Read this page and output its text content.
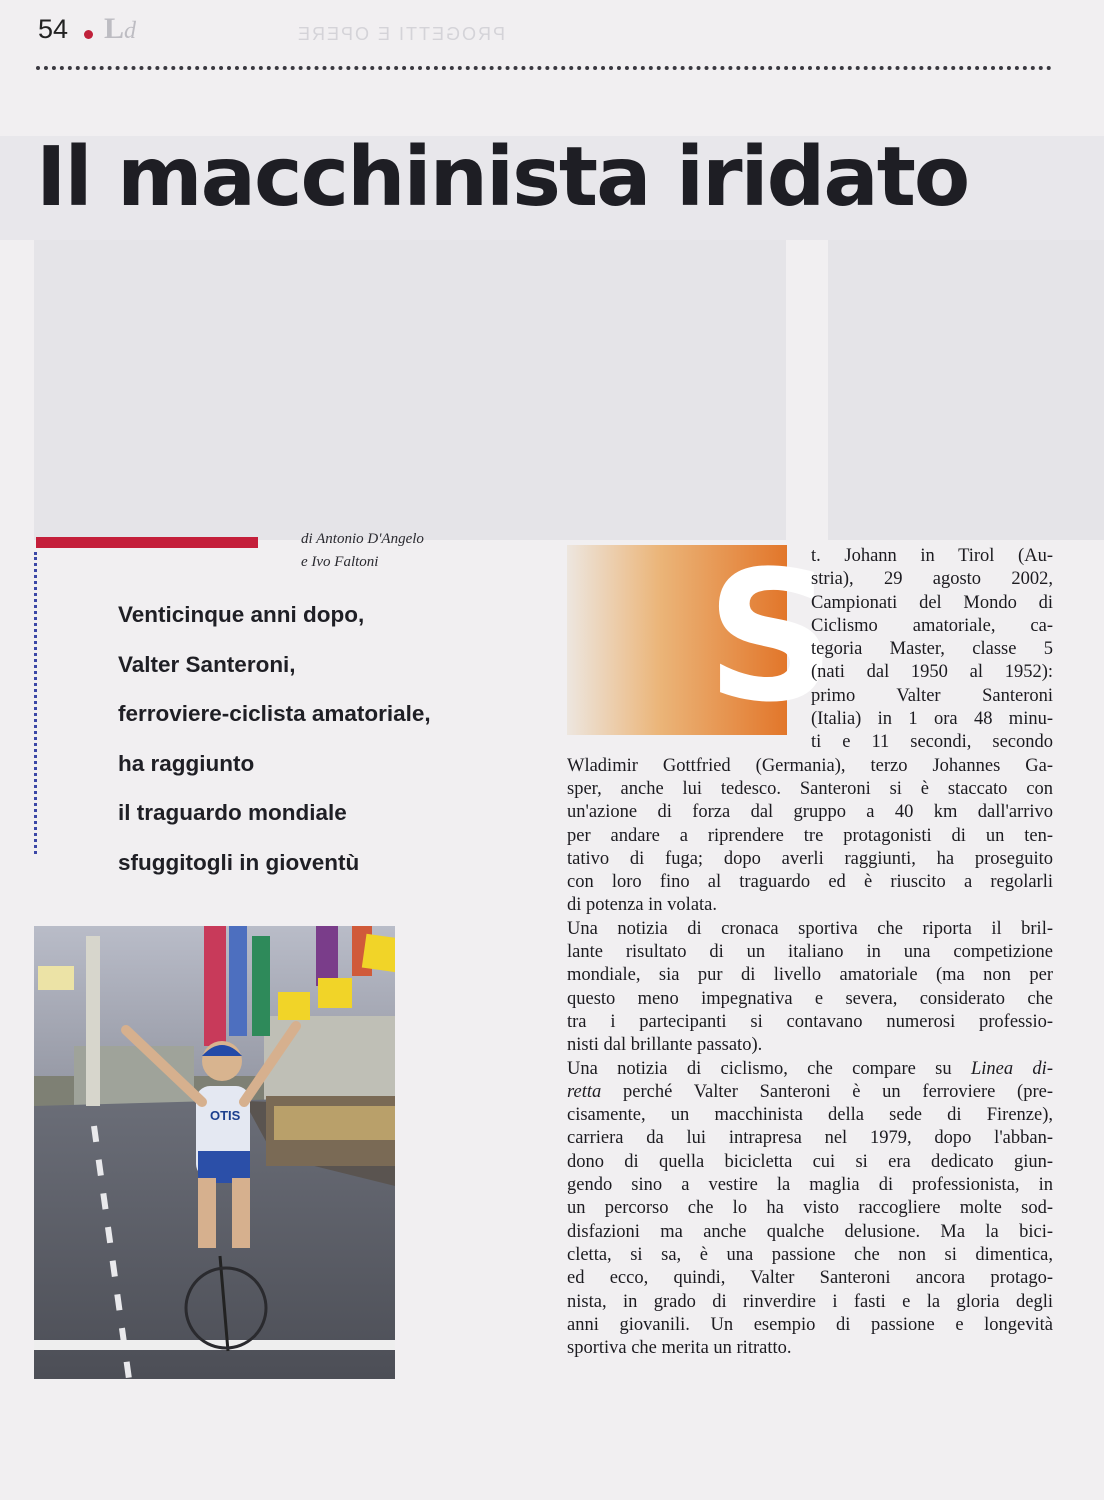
54 Ld	PROGETTI E OPERE
Il macchinista iridato
di Antonio D'Angelo
e Ivo Faltoni
Venticinque anni dopo,
Valter Santeroni,
ferroviere-ciclista amatoriale,
ha raggiunto
il traguardo mondiale
sfuggitogli in gioventù
OTIS
S
t. Johann in Tirol (Au-
stria), 29 agosto 2002,
Campionati del Mondo di
Ciclismo amatoriale, ca-
tegoria Master, classe 5
(nati dal 1950 al 1952):
primo Valter Santeroni
(Italia) in 1 ora 48 minu-
ti e 11 secondi, secondo
Wladimir Gottfried (Germania), terzo Johannes Ga-
sper, anche lui tedesco. Santeroni si è staccato con
un'azione di forza dal gruppo a 40 km dall'arrivo
per andare a riprendere tre protagonisti di un ten-
tativo di fuga; dopo averli raggiunti, ha proseguito
con loro fino al traguardo ed è riuscito a regolarli
di potenza in volata.
Una notizia di cronaca sportiva che riporta il bril-
lante risultato di un italiano in una competizione
mondiale, sia pur di livello amatoriale (ma non per
questo meno impegnativa e severa, considerato che
tra i partecipanti si contavano numerosi professio-
nisti dal brillante passato).
Una notizia di ciclismo, che compare su Linea di-
retta perché Valter Santeroni è un ferroviere (pre-
cisamente, un macchinista della sede di Firenze),
carriera da lui intrapresa nel 1979, dopo l'abban-
dono di quella bicicletta cui si era dedicato giun-
gendo sino a vestire la maglia di professionista, in
un percorso che lo ha visto raccogliere molte sod-
disfazioni ma anche qualche delusione. Ma la bici-
cletta, si sa, è una passione che non si dimentica,
ed ecco, quindi, Valter Santeroni ancora protago-
nista, in grado di rinverdire i fasti e la gloria degli
anni giovanili. Un esempio di passione e longevità
sportiva che merita un ritratto.
